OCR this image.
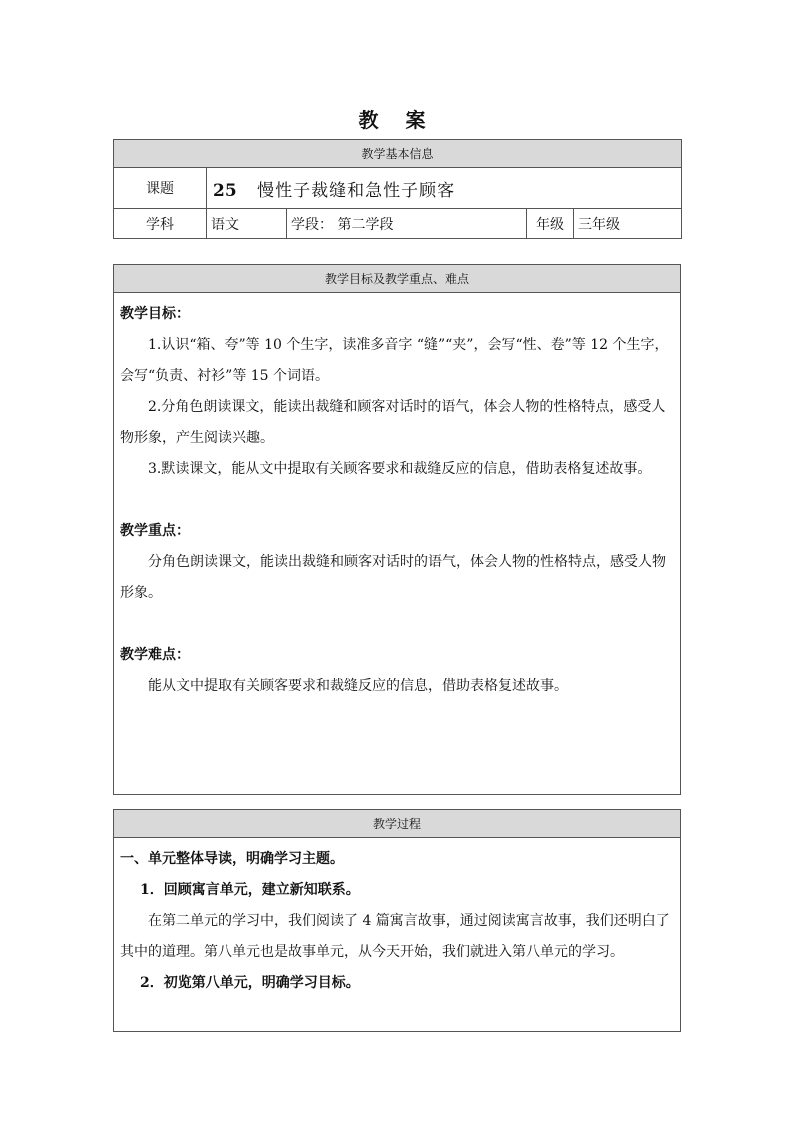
教 案
教学基本信息				
课题	25 慢性子裁缝和急性子顾客			
学科	语文	学段： 第二学段	年级	三年级
教学目标及教学重点、难点

教学目标：

1.认识“箱、夸”等 10 个生字，读准多音字 “缝”“夹”，会写“性、卷”等 12 个生字，会写“负责、衬衫”等 15 个词语。

2.分角色朗读课文，能读出裁缝和顾客对话时的语气，体会人物的性格特点，感受人物形象，产生阅读兴趣。

3.默读课文，能从文中提取有关顾客要求和裁缝反应的信息，借助表格复述故事。

教学重点：

分角色朗读课文，能读出裁缝和顾客对话时的语气，体会人物的性格特点，感受人物形象。

教学难点：

能从文中提取有关顾客要求和裁缝反应的信息，借助表格复述故事。

教学过程

一、单元整体导读，明确学习主题。

1．回顾寓言单元，建立新知联系。

在第二单元的学习中，我们阅读了 4 篇寓言故事，通过阅读寓言故事，我们还明白了其中的道理。第八单元也是故事单元，从今天开始，我们就进入第八单元的学习。

2．初览第八单元，明确学习目标。
